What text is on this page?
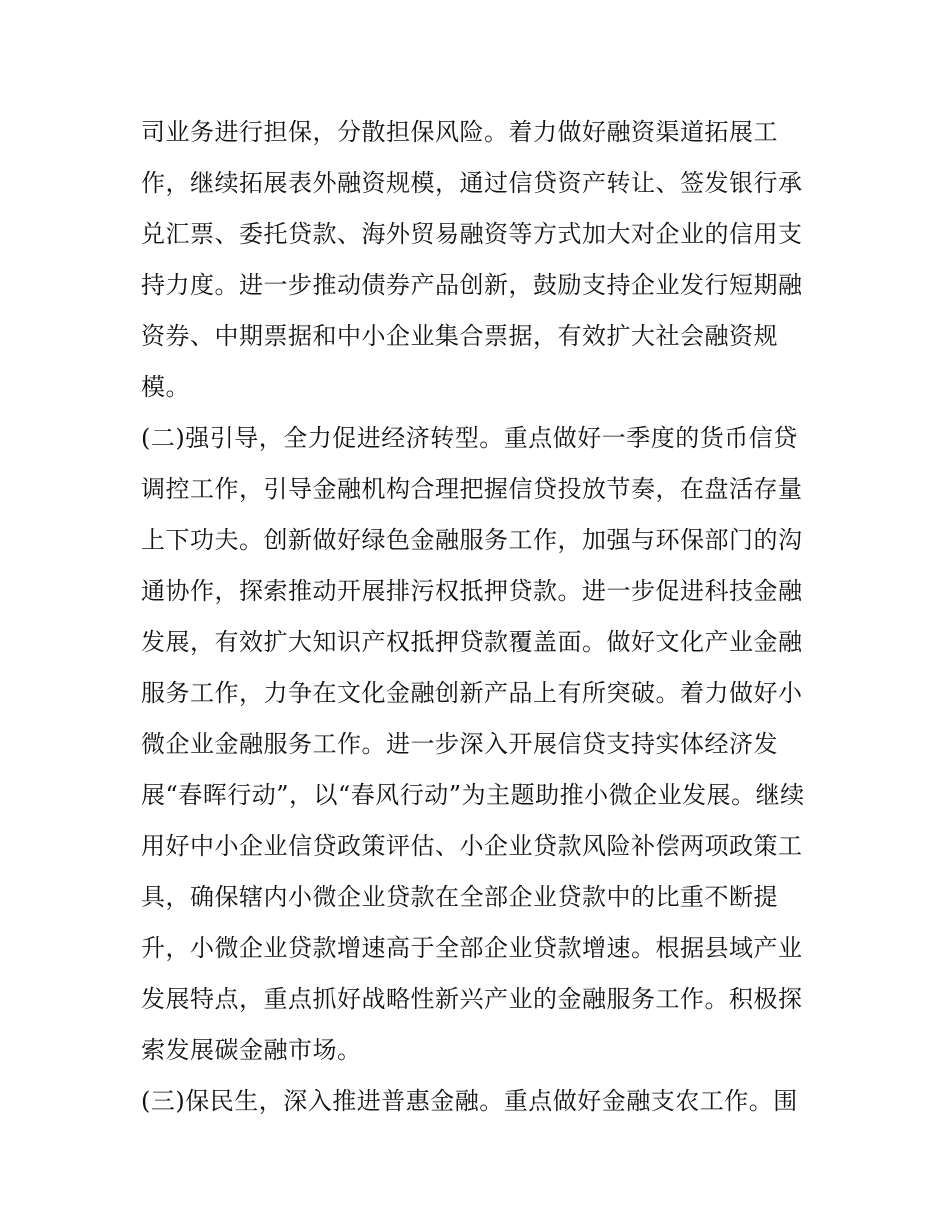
司业务进行担保，分散担保风险。着力做好融资渠道拓展工
作，继续拓展表外融资规模，通过信贷资产转让、签发银行承
兑汇票、委托贷款、海外贸易融资等方式加大对企业的信用支
持力度。进一步推动债券产品创新，鼓励支持企业发行短期融
资券、中期票据和中小企业集合票据，有效扩大社会融资规
模。
(二)强引导，全力促进经济转型。重点做好一季度的货币信贷
调控工作，引导金融机构合理把握信贷投放节奏，在盘活存量
上下功夫。创新做好绿色金融服务工作，加强与环保部门的沟
通协作，探索推动开展排污权抵押贷款。进一步促进科技金融
发展，有效扩大知识产权抵押贷款覆盖面。做好文化产业金融
服务工作，力争在文化金融创新产品上有所突破。着力做好小
微企业金融服务工作。进一步深入开展信贷支持实体经济发
展“春晖行动”，以“春风行动”为主题助推小微企业发展。继续
用好中小企业信贷政策评估、小企业贷款风险补偿两项政策工
具，确保辖内小微企业贷款在全部企业贷款中的比重不断提
升，小微企业贷款增速高于全部企业贷款增速。根据县域产业
发展特点，重点抓好战略性新兴产业的金融服务工作。积极探
索发展碳金融市场。
(三)保民生，深入推进普惠金融。重点做好金融支农工作。围
